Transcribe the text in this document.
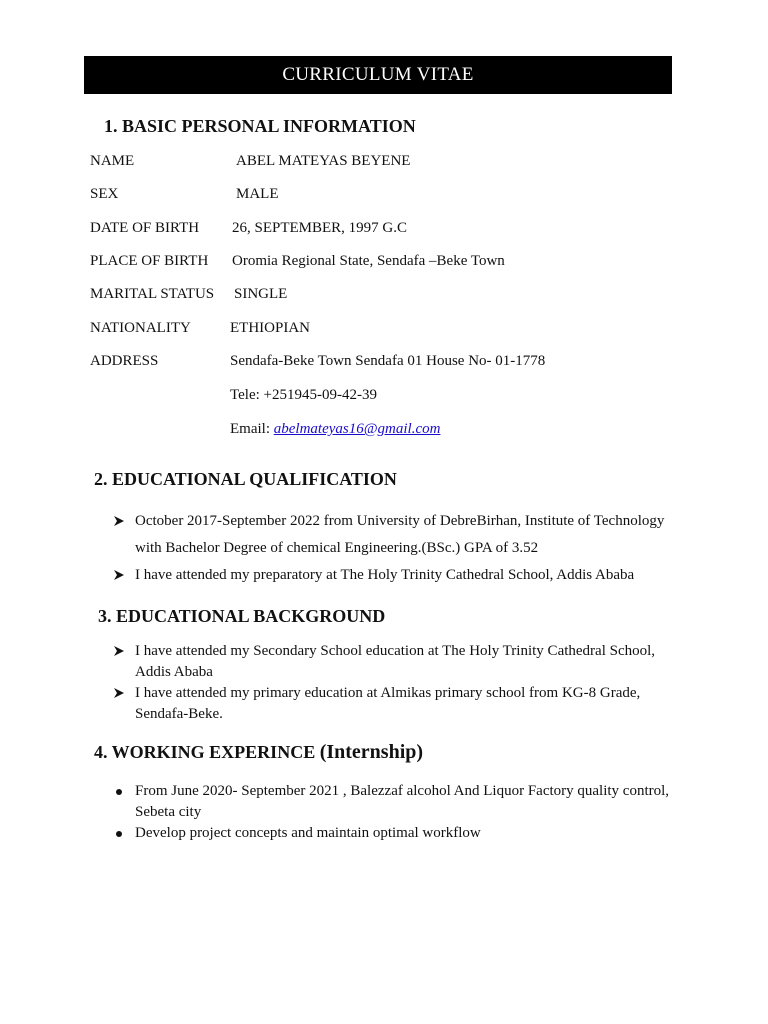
CURRICULUM VITAE
1. BASIC PERSONAL INFORMATION
NAME	ABEL MATEYAS BEYENE
SEX	MALE
DATE OF BIRTH 26, SEPTEMBER, 1997 G.C
PLACE OF BIRTH Oromia Regional State, Sendafa –Beke Town
MARITAL STATUS SINGLE
NATIONALITY	ETHIOPIAN
ADDRESS	Sendafa-Beke Town Sendafa 01 House No- 01-1778
Tele: +251945-09-42-39
Email: abelmateyas16@gmail.com
2. EDUCATIONAL QUALIFICATION
October 2017-September 2022 from University of DebreBirhan, Institute of Technology
with Bachelor Degree of chemical Engineering.(BSc.) GPA of 3.52
I have attended my preparatory at The Holy Trinity Cathedral School, Addis Ababa
3. EDUCATIONAL BACKGROUND
I have attended my Secondary School education at The Holy Trinity Cathedral School, Addis Ababa
I have attended my primary education at Almikas primary school from KG-8 Grade, Sendafa-Beke.
4. WORKING EXPERINCE (Internship)
From June 2020- September 2021 , Balezzaf alcohol And Liquor Factory quality control, Sebeta city
Develop project concepts and maintain optimal workflow
